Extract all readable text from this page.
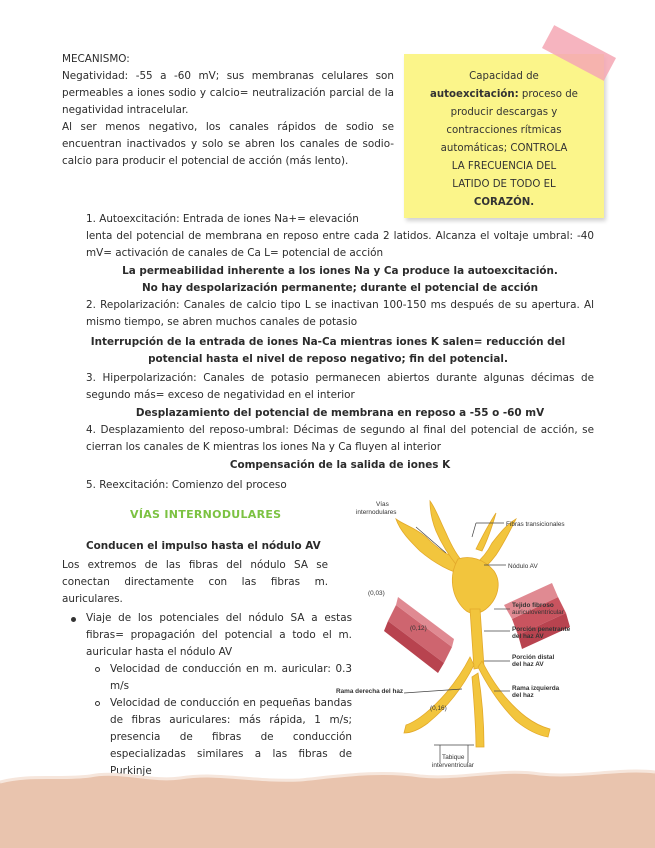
MECANISMO:

Negatividad: -55 a -60 mV; sus membranas celulares son permeables a iones sodio y calcio= neutralización parcial de la negatividad intracelular.

Al ser menos negativo, los canales rápidos de sodio se encuentran inactivados y solo se abren los canales de sodio-calcio para producir el potencial de acción (más lento).

Capacidad de
autoexcitación: proceso de
producir descargas y
contracciones rítmicas
automáticas; CONTROLA
LA FRECUENCIA DEL
LATIDO DE TODO EL
CORAZÓN.
1. Autoexcitación: Entrada de iones Na+= elevación
lenta del potencial de membrana en reposo entre cada 2 latidos. Alcanza el voltaje umbral: -40 mV= activación de canales de Ca L= potencial de acción
La permeabilidad inherente a los iones Na y Ca produce la autoexcitación.
No hay despolarización permanente; durante el potencial de acción
2. Repolarización: Canales de calcio tipo L se inactivan 100-150 ms después de su apertura. Al mismo tiempo, se abren muchos canales de potasio
Interrupción de la entrada de iones Na-Ca mientras iones K salen= reducción del potencial hasta el nivel de reposo negativo; fin del potencial.
3. Hiperpolarización: Canales de potasio permanecen abiertos durante algunas décimas de segundo más= exceso de negatividad en el interior
Desplazamiento del potencial de membrana en reposo a -55 o -60 mV
4. Desplazamiento del reposo-umbral: Décimas de segundo al final del potencial de acción, se cierran los canales de K mientras los iones Na y Ca fluyen al interior
Compensación de la salida de iones K
5. Reexcitación: Comienzo del proceso
VÍAS INTERNODULARES
Conducen el impulso hasta el nódulo AV
Los extremos de las fibras del nódulo SA se conectan directamente con las fibras m. auriculares.
Viaje de los potenciales del nódulo SA a estas fibras= propagación del potencial a todo el m. auricular hasta el nódulo AV
Velocidad de conducción en m. auricular: 0.3 m/s
Velocidad de conducción en pequeñas bandas de fibras auriculares: más rápida, 1 m/s; presencia de fibras de conducción especializadas similares a las fibras de Purkinje
Vías
internodulares
Fibras transicionales
Nódulo AV
(0,03)
(0,12)
(0,16)
Tejido fibroso
auriculoventricular
Porción penetrante
del haz AV
Porción distal
del haz AV
Rama izquierda
del haz
Rama derecha del haz
Tabique
interventricular
